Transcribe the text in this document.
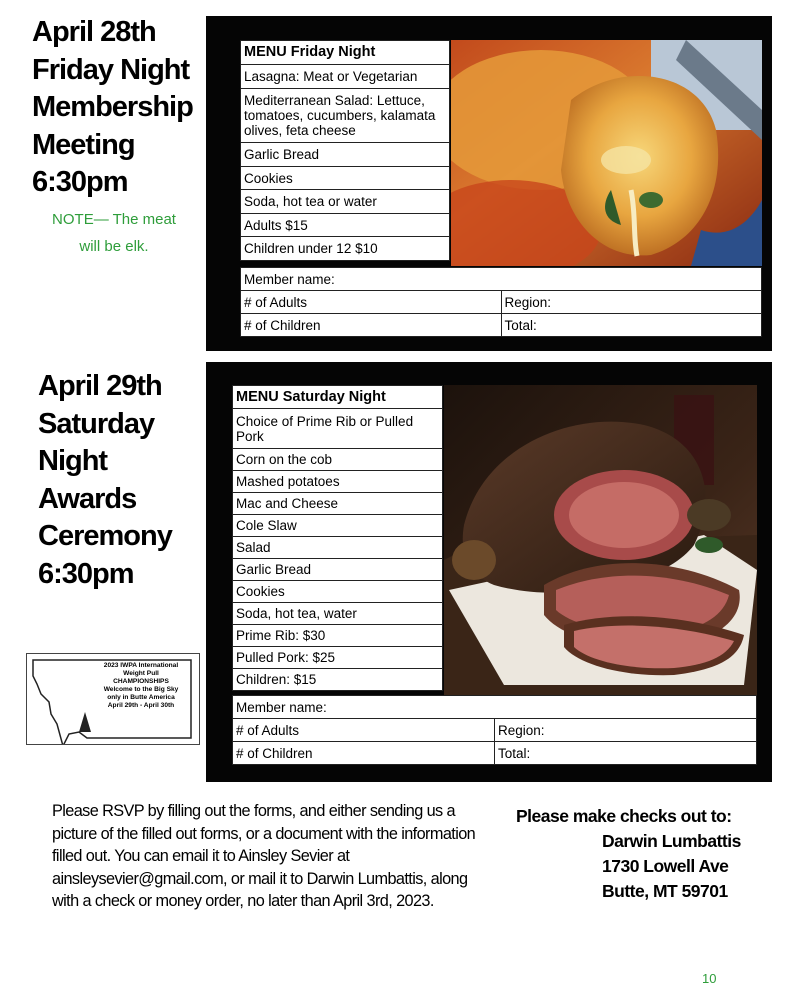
April 28th
Friday Night
Membership
Meeting
6:30pm
NOTE— The meat
will be elk.
MENU Friday Night
Lasagna: Meat or Vegetarian
Mediterranean Salad: Lettuce, tomatoes, cucumbers, kalamata olives, feta cheese
Garlic Bread
Cookies
Soda, hot tea or water
Adults $15
Children under 12 $10
Member name:	
# of Adults	Region:
# of Children	Total:
April 29th
Saturday
Night
Awards
Ceremony
6:30pm
MENU Saturday Night
Choice of Prime Rib or Pulled Pork
Corn on the cob
Mashed potatoes
Mac and Cheese
Cole Slaw
Salad
Garlic Bread
Cookies
Soda, hot tea, water
Prime Rib: $30
Pulled Pork: $25
Children: $15
Member name:	
# of Adults	Region:
# of Children	Total:
2023 IWPA International
Weight Pull
CHAMPIONSHIPS
Welcome to the Big Sky
only in Butte America
April 29th - April 30th
Please RSVP by filling out the forms, and either sending us a picture of the filled out forms, or a document with the information filled out. You can email it to Ainsley Sevier at ainsleysevier@gmail.com, or mail it to Darwin Lumbattis, along with a check or money order, no later than April 3rd, 2023.
Please make checks out to:
Darwin Lumbattis
1730 Lowell Ave
Butte, MT 59701
10
